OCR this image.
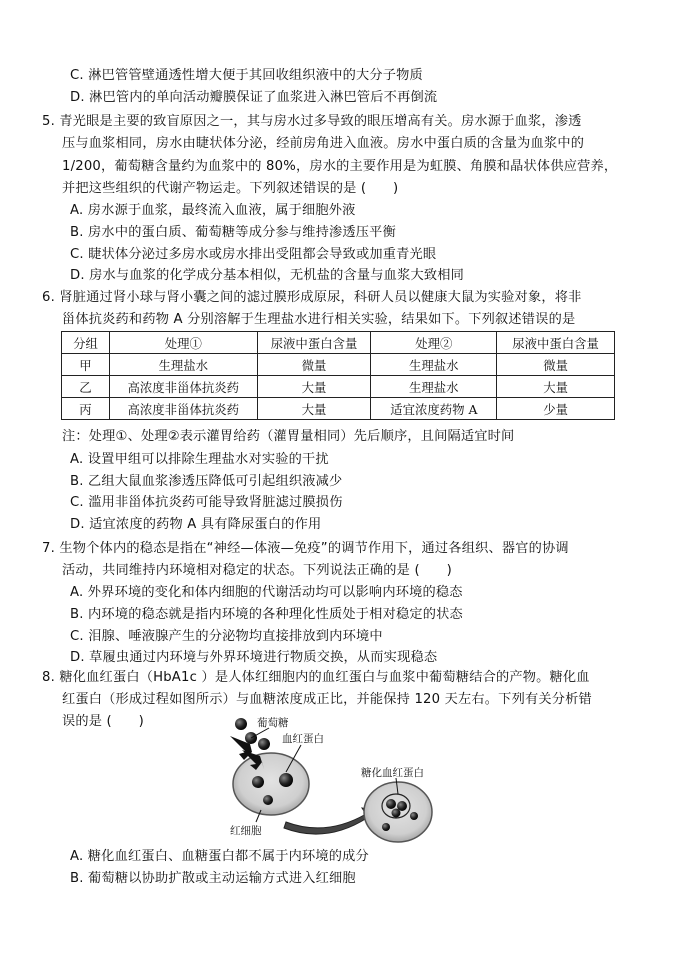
C. 淋巴管管壁通透性增大便于其回收组织液中的大分子物质
D. 淋巴管内的单向活动瓣膜保证了血浆进入淋巴管后不再倒流
5. 青光眼是主要的致盲原因之一，其与房水过多导致的眼压增高有关。房水源于血浆，渗透
压与血浆相同，房水由睫状体分泌，经前房角进入血液。房水中蛋白质的含量为血浆中的
1/200，葡萄糖含量约为血浆中的 80%，房水的主要作用是为虹膜、角膜和晶状体供应营养，
并把这些组织的代谢产物运走。下列叙述错误的是 (　　)
A. 房水源于血浆，最终流入血液，属于细胞外液
B. 房水中的蛋白质、葡萄糖等成分参与维持渗透压平衡
C. 睫状体分泌过多房水或房水排出受阻都会导致或加重青光眼
D. 房水与血浆的化学成分基本相似，无机盐的含量与血浆大致相同
6. 肾脏通过肾小球与肾小囊之间的滤过膜形成原尿，科研人员以健康大鼠为实验对象，将非
甾体抗炎药和药物 A 分别溶解于生理盐水进行相关实验，结果如下。下列叙述错误的是
分组	处理①	尿液中蛋白含量	处理②	尿液中蛋白含量
甲	生理盐水	微量	生理盐水	微量
乙	高浓度非甾体抗炎药	大量	生理盐水	大量
丙	高浓度非甾体抗炎药	大量	适宜浓度药物 A	少量
注：处理①、处理②表示灌胃给药（灌胃量相同）先后顺序，且间隔适宜时间
A. 设置甲组可以排除生理盐水对实验的干扰
B. 乙组大鼠血浆渗透压降低可引起组织液减少
C. 滥用非甾体抗炎药可能导致肾脏滤过膜损伤
D. 适宜浓度的药物 A 具有降尿蛋白的作用
7. 生物个体内的稳态是指在“神经—体液—免疫”的调节作用下，通过各组织、器官的协调
活动，共同维持内环境相对稳定的状态。下列说法正确的是 (　　)
A. 外界环境的变化和体内细胞的代谢活动均可以影响内环境的稳态
B. 内环境的稳态就是指内环境的各种理化性质处于相对稳定的状态
C. 泪腺、唾液腺产生的分泌物均直接排放到内环境中
D. 草履虫通过内环境与外界环境进行物质交换，从而实现稳态
8. 糖化血红蛋白（HbA1c ）是人体红细胞内的血红蛋白与血浆中葡萄糖结合的产物。糖化血
红蛋白（形成过程如图所示）与血糖浓度成正比，并能保持 120 天左右。下列有关分析错
误的是 (　　)	葡萄糖
血红蛋白
红细胞
糖化血红蛋白
A. 糖化血红蛋白、血糖蛋白都不属于内环境的成分
B. 葡萄糖以协助扩散或主动运输方式进入红细胞
